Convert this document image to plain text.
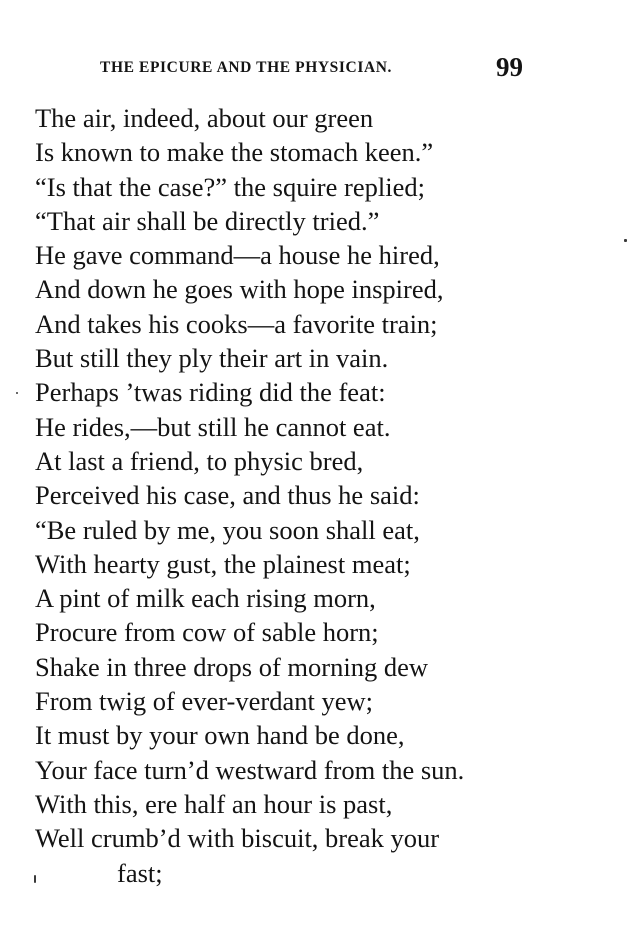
THE EPICURE AND THE PHYSICIAN.	99
The air, indeed, about our green
Is known to make the stomach keen.”
“Is that the case?” the squire replied;
“That air shall be directly tried.”
He gave command—a house he hired,
And down he goes with hope inspired,
And takes his cooks—a favorite train;
But still they ply their art in vain.
Perhaps ’twas riding did the feat:
He rides,—but still he cannot eat.
At last a friend, to physic bred,
Perceived his case, and thus he said:
“Be ruled by me, you soon shall eat,
With hearty gust, the plainest meat;
A pint of milk each rising morn,
Procure from cow of sable horn;
Shake in three drops of morning dew
From twig of ever-verdant yew;
It must by your own hand be done,
Your face turn’d westward from the sun.
With this, ere half an hour is past,
Well crumb’d with biscuit, break your
fast;
